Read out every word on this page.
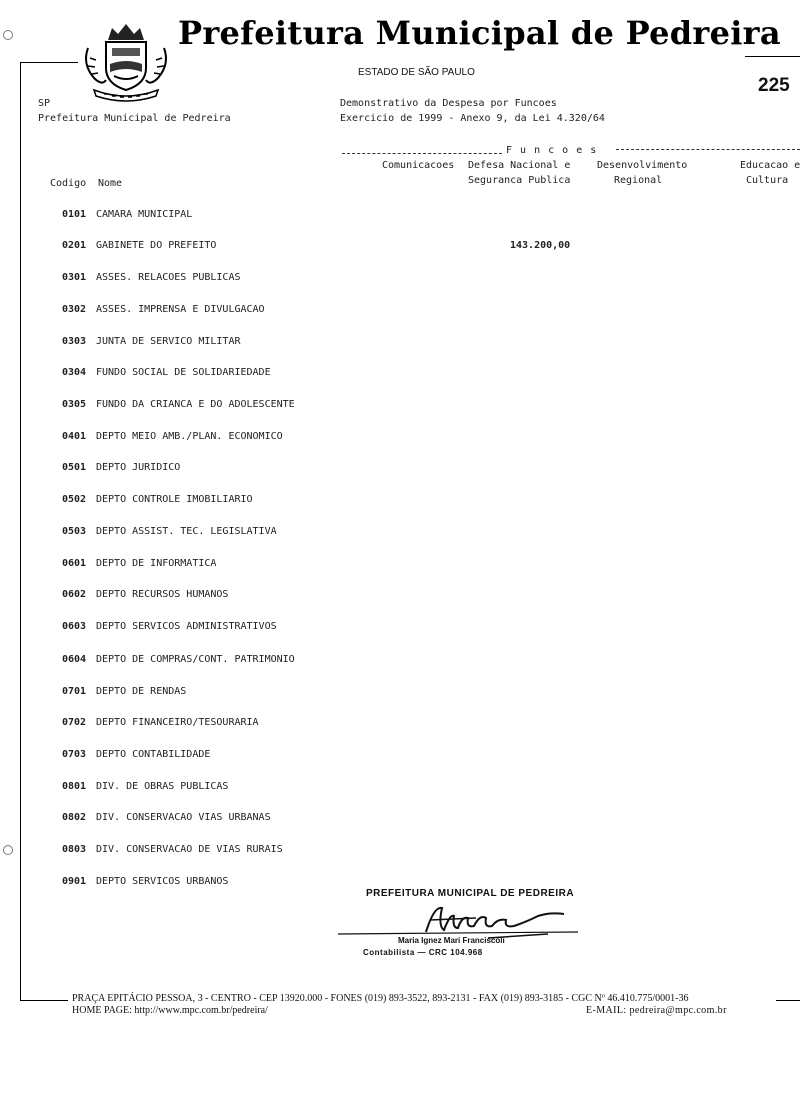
Prefeitura Municipal de Pedreira
ESTADO DE SÃO PAULO
225
SP
Prefeitura Municipal de Pedreira
Demonstrativo da Despesa por Funcoes
Exercicio de 1999 - Anexo 9, da Lei 4.320/64
F u n c o e s
Codigo Nome
Comunicacoes Defesa Nacional e
Seguranca Publica
Desenvolvimento
Regional
Educacao e
Cultura
0101 CAMARA MUNICIPAL
0201 GABINETE DO PREFEITO	143.200,00
0301 ASSES. RELACOES PUBLICAS
0302 ASSES. IMPRENSA E DIVULGACAO
0303 JUNTA DE SERVICO MILITAR
0304 FUNDO SOCIAL DE SOLIDARIEDADE
0305 FUNDO DA CRIANCA E DO ADOLESCENTE
0401 DEPTO MEIO AMB./PLAN. ECONOMICO
0501 DEPTO JURIDICO
0502 DEPTO CONTROLE IMOBILIARIO
0503 DEPTO ASSIST. TEC. LEGISLATIVA
0601 DEPTO DE INFORMATICA
0602 DEPTO RECURSOS HUMANOS
0603 DEPTO SERVICOS ADMINISTRATIVOS
0604 DEPTO DE COMPRAS/CONT. PATRIMONIO
0701 DEPTO DE RENDAS
0702 DEPTO FINANCEIRO/TESOURARIA
0703 DEPTO CONTABILIDADE
0801 DIV. DE OBRAS PUBLICAS
0802 DIV. CONSERVACAO VIAS URBANAS
0803 DIV. CONSERVACAO DE VIAS RURAIS
0901 DEPTO SERVICOS URBANOS
PREFEITURA MUNICIPAL DE PEDREIRA
Maria Ignez Mari Franciscoli
Contabilista — CRC 104.968
PRAÇA EPITÁCIO PESSOA, 3 - CENTRO - CEP 13920.000 - FONES (019) 893-3522, 893-2131 - FAX (019) 893-3185 - CGC Nº 46.410.775/0001-36
HOME PAGE: http://www.mpc.com.br/pedreira/	E-MAIL: pedreira@mpc.com.br
